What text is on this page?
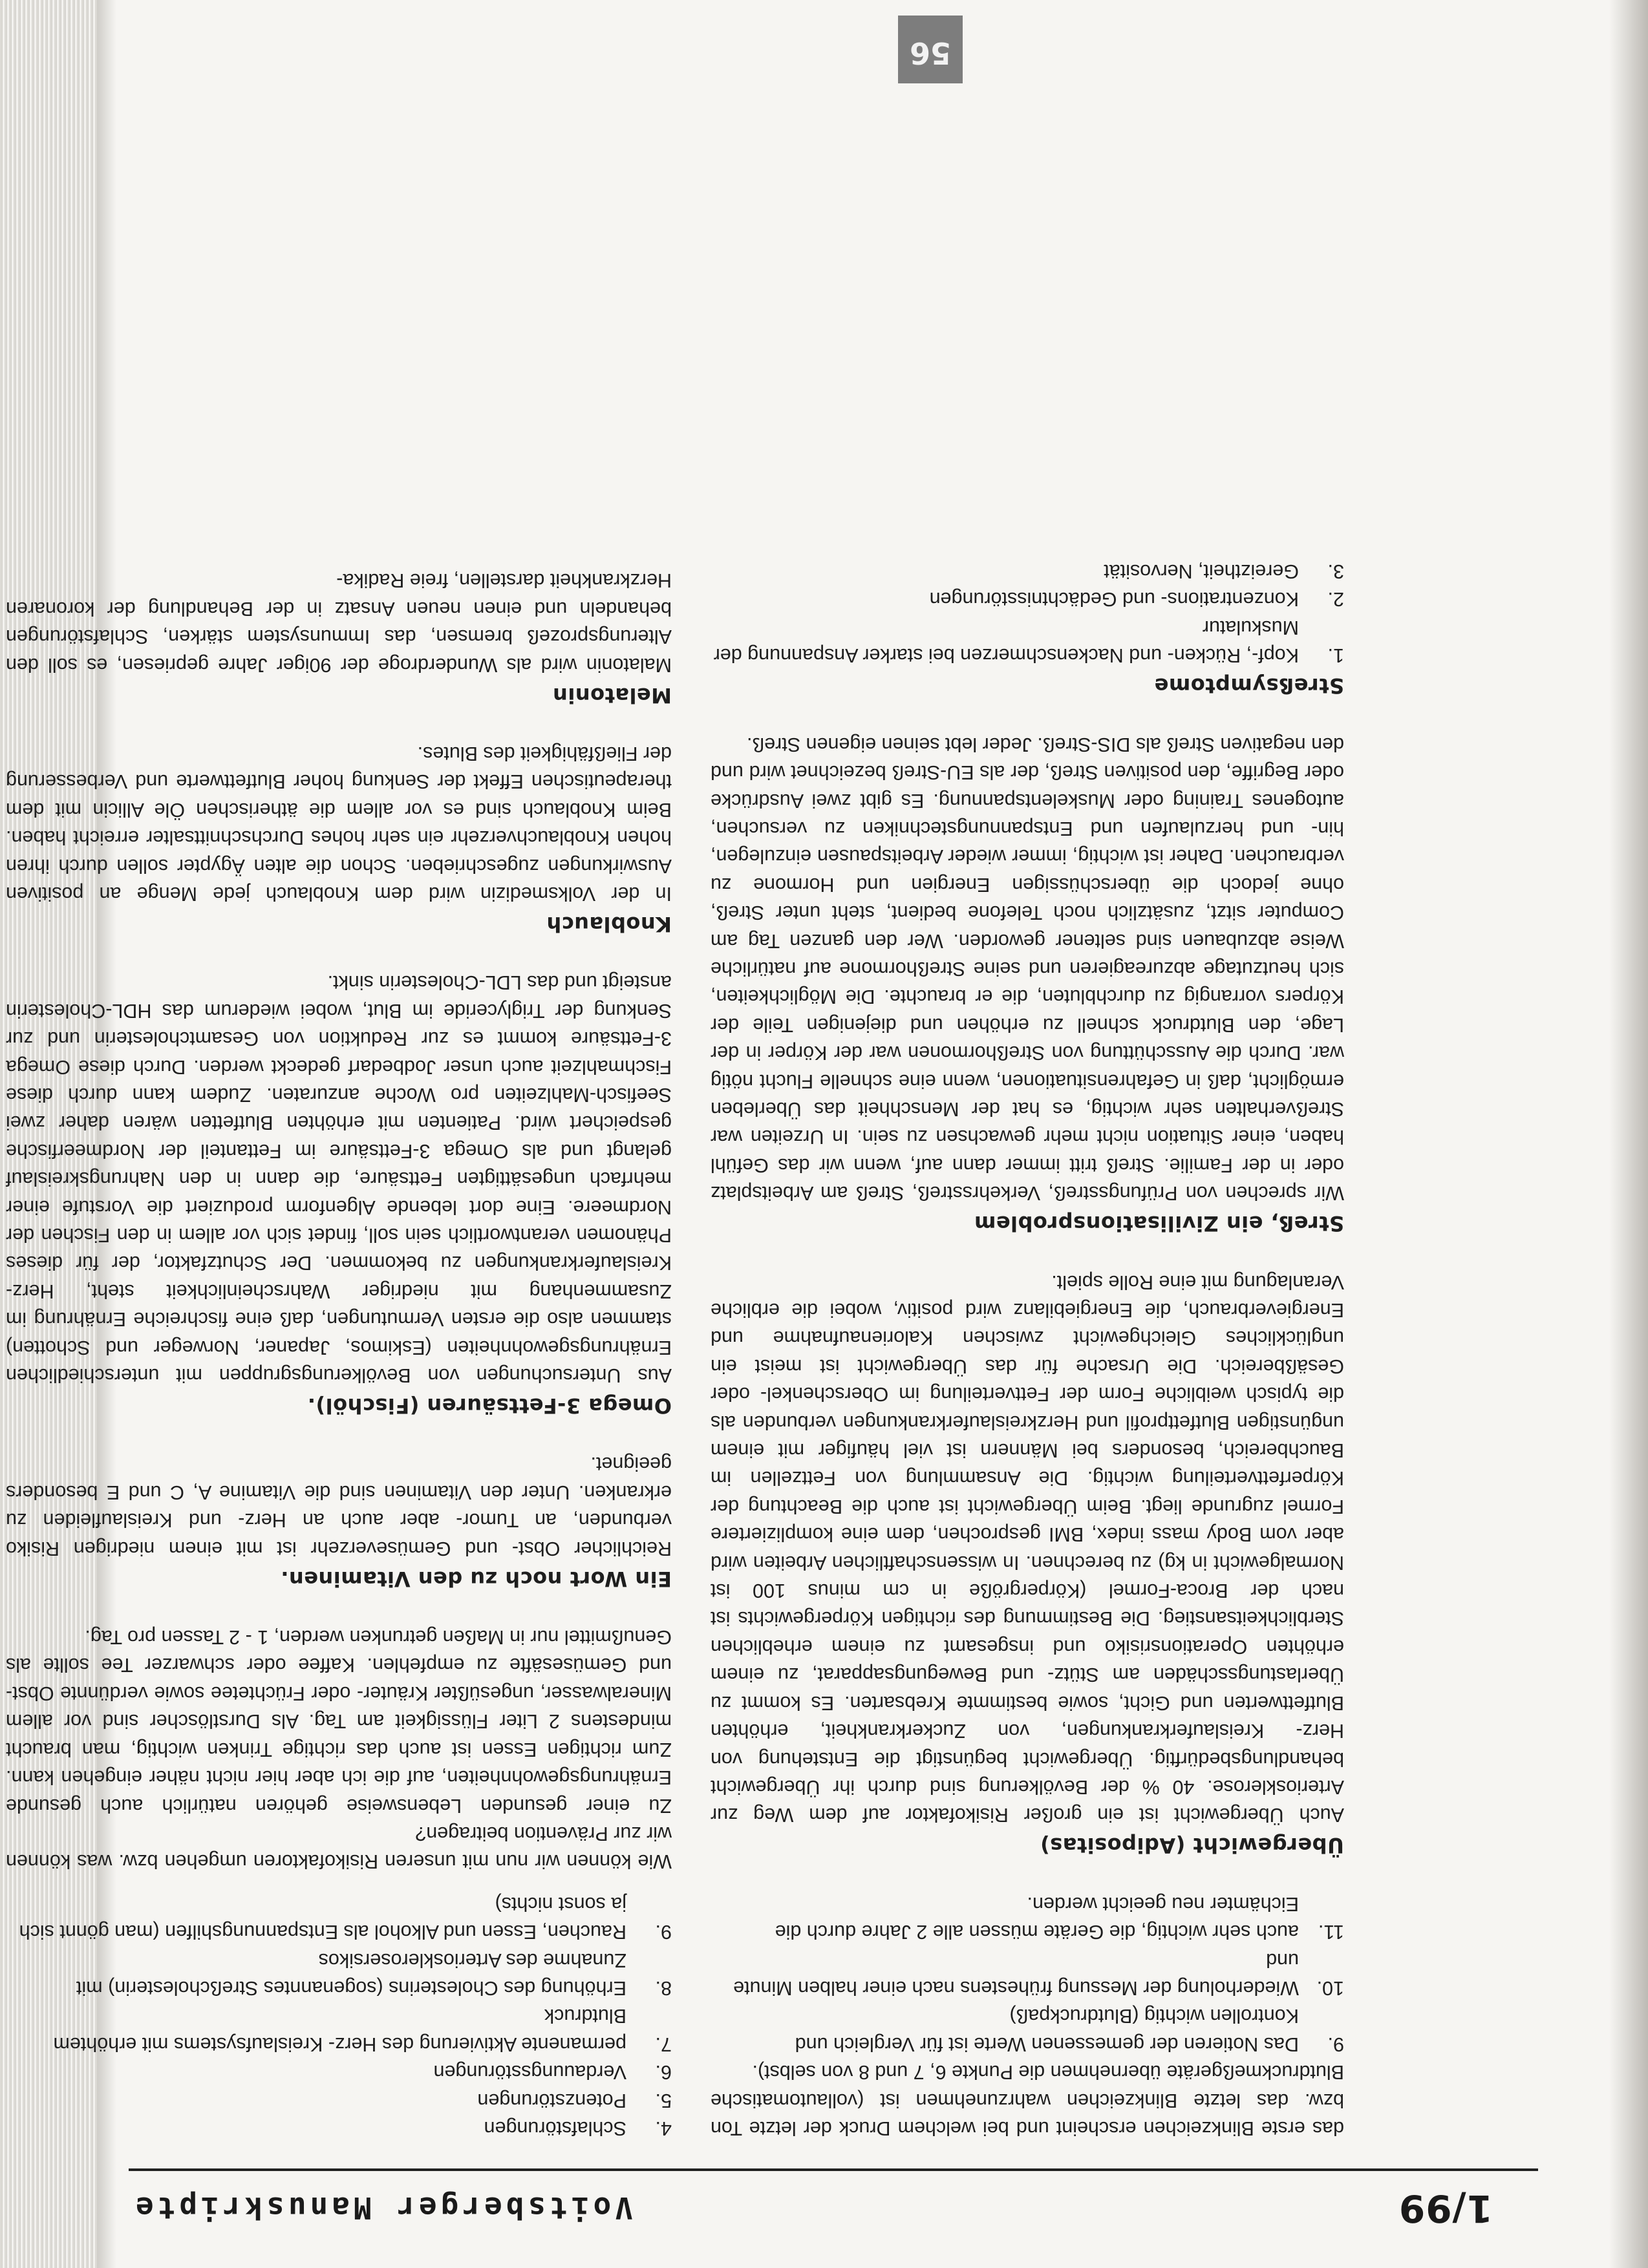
1/99
Voitsberger Manuskripte

das erste Blinkzeichen erscheint und bei welchem Druck der letzte Ton bzw. das letzte Blinkzeichen wahrzunehmen ist (vollautomatische Blutdruckmeßgeräte übernehmen die Punkte 6, 7 und 8 von selbst).

9.
Das Notieren der gemessenen Werte ist für Vergleich und Kontrollen wichtig (Blutdruckpaß)
10.
Wiederholung der Messung frühestens nach einer halben Minute und
11.
auch sehr wichtig, die Geräte müssen alle 2 Jahre durch die Eichämter neu geeicht werden.
Übergewicht (Adipositas)

Auch Übergewicht ist ein großer Risikofaktor auf dem Weg zur Arteriosklerose. 40 % der Bevölkerung sind durch ihr Übergewicht behandlungsbedürftig. Übergewicht begünstigt die Entstehung von Herz- Kreislauferkrankungen, von Zuckerkrankheit, erhöhten Blutfettwerten und Gicht, sowie bestimmte Krebsarten. Es kommt zu Überlastungsschäden am Stütz- und Bewegungsapparat, zu einem erhöhten Operationsrisiko und insgesamt zu einem erheblichen Sterblichkeitsanstieg. Die Bestimmung des richtigen Körpergewichts ist nach der Broca-Formel (Körpergröße in cm minus 100 ist Normalgewicht in kg) zu berechnen. In wissenschaftlichen Arbeiten wird aber vom Body mass index, BMI gesprochen, dem eine kompliziertere Formel zugrunde liegt. Beim Übergewicht ist auch die Beachtung der Körperfettverteilung wichtig. Die Ansammlung von Fettzellen im Bauchbereich, besonders bei Männern ist viel häufiger mit einem ungünstigen Blutfettprofil und Herzkreislauferkrankungen verbunden als die typisch weibliche Form der Fettverteilung im Oberschenkel- oder Gesäßbereich. Die Ursache für das Übergewicht ist meist ein unglückliches Gleichgewicht zwischen Kalorienaufnahme und Energieverbrauch, die Energiebilanz wird positiv, wobei die erbliche Veranlagung mit eine Rolle spielt.

Streß, ein Zivilisationsproblem

Wir sprechen von Prüfungsstreß, Verkehrsstreß, Streß am Arbeitsplatz oder in der Familie. Streß tritt immer dann auf, wenn wir das Gefühl haben, einer Situation nicht mehr gewachsen zu sein. In Urzeiten war Streßverhalten sehr wichtig, es hat der Menschheit das Überleben ermöglicht, daß in Gefahrensituationen, wenn eine schnelle Flucht nötig war. Durch die Ausschüttung von Streßhormonen war der Körper in der Lage, den Blutdruck schnell zu erhöhen und diejenigen Teile der Körpers vorrangig zu durchbluten, die er brauchte. Die Möglichkeiten, sich heutzutage abzureagieren und seine Streßhormone auf natürliche Weise abzubauen sind seltener geworden. Wer den ganzen Tag am Computer sitzt, zusätzlich noch Telefone bedient, steht unter Streß, ohne jedoch die überschüssigen Energien und Hormone zu verbrauchen. Daher ist wichtig, immer wieder Arbeitspausen einzulegen, hin- und herzulaufen und Entspannungstechniken zu versuchen, autogenes Training oder Muskelentspannung. Es gibt zwei Ausdrücke oder Begriffe, den positiven Streß, der als EU-Streß bezeichnet wird und den negativen Streß als DIS-Streß. Jeder lebt seinen eigenen Streß.

Streßsymptome
1.
Kopf-, Rücken- und Nackenschmerzen bei starker Anspannung der Muskulatur
2.
Konzentrations- und Gedächtnisstörungen
3.
Gereiztheit, Nervosität
4.
Schlafstörungen
5.
Potenzstörungen
6.
Verdauungsstörungen
7.
permanente Aktivierung des Herz- Kreislaufsystems mit erhöhtem Blutdruck
8.
Erhöhung des Cholesterins (sogenanntes Streßcholesterin) mit Zunahme des Arteriosklerosersikos
9.
Rauchen, Essen und Alkohol als Entspannungshilfen (man gönnt sich ja sonst nichts)

Wie können wir nun mit unseren Risikofaktoren umgehen bzw. was können wir zur Prävention beitragen?

Zu einer gesunden Lebensweise gehören natürlich auch gesunde Ernährungsgewohnheiten, auf die ich aber hier nicht näher eingehen kann. Zum richtigen Essen ist auch das richtige Trinken wichtig, man braucht mindestens 2 Liter Flüssigkeit am Tag. Als Durstlöscher sind vor allem Mineralwasser, ungesüßter Kräuter- oder Früchtetee sowie verdünnte Obst- und Gemüsesäfte zu empfehlen. Kaffee oder schwarzer Tee sollte als Genußmittel nur in Maßen getrunken werden, 1 - 2 Tassen pro Tag.

Ein Wort noch zu den Vitaminen.

Reichlicher Obst- und Gemüseverzehr ist mit einem niedrigen Risiko verbunden, an Tumor- aber auch an Herz- und Kreislaufleiden zu erkranken. Unter den Vitaminen sind die Vitamine A, C und E besonders geeignet.

Omega 3-Fettsäuren (Fischöl).

Aus Untersuchungen von Bevölkerungsgruppen mit unterschiedlichen Ernährungsgewohnheiten (Eskimos, Japaner, Norweger und Schotten) stammen also die ersten Vermutungen, daß eine fischreiche Ernährung im Zusammenhang mit niedriger Wahrscheinlichkeit steht, Herz- Kreislauferkrankungen zu bekommen. Der Schutzfaktor, der für dieses Phänomen verantwortlich sein soll, findet sich vor allem in den Fischen der Nordmeere. Eine dort lebende Algenform produziert die Vorstufe einer mehrfach ungesättigten Fettsäure, die dann in den Nahrungskreislauf gelangt und als Omega 3-Fettsäure im Fettanteil der Nordmeerfische gespeichert wird. Patienten mit erhöhten Blutfetten wären daher zwei Seefisch-Mahlzeiten pro Woche anzuraten. Zudem kann durch diese Fischmahlzeit auch unser Jodbedarf gedeckt werden. Durch diese Omega 3-Fettsäure kommt es zur Reduktion von Gesamtcholesterin und zur Senkung der Triglyceride im Blut, wobei wiederum das HDL-Cholesterin ansteigt und das LDL-Cholesterin sinkt.

Knoblauch

In der Volksmedizin wird dem Knoblauch jede Menge an positiven Auswirkungen zugeschrieben. Schon die alten Ägypter sollen durch ihren hohen Knoblauchverzehr ein sehr hohes Durchschnittsalter erreicht haben. Beim Knoblauch sind es vor allem die ätherischen Öle Allicin mit dem therapeutischen Effekt der Senkung hoher Blutfettwerte und Verbesserung der Fließfähigkeit des Blutes.

Melatonin

Malatonin wird als Wunderdroge der 90iger Jahre gepriesen, es soll den Alterungsprozeß bremsen, das Immunsystem stärken, Schlafstörungen behandeln und einen neuen Ansatz in der Behandlung der koronaren Herzkrankheit darstellen, freie Radika-

56
